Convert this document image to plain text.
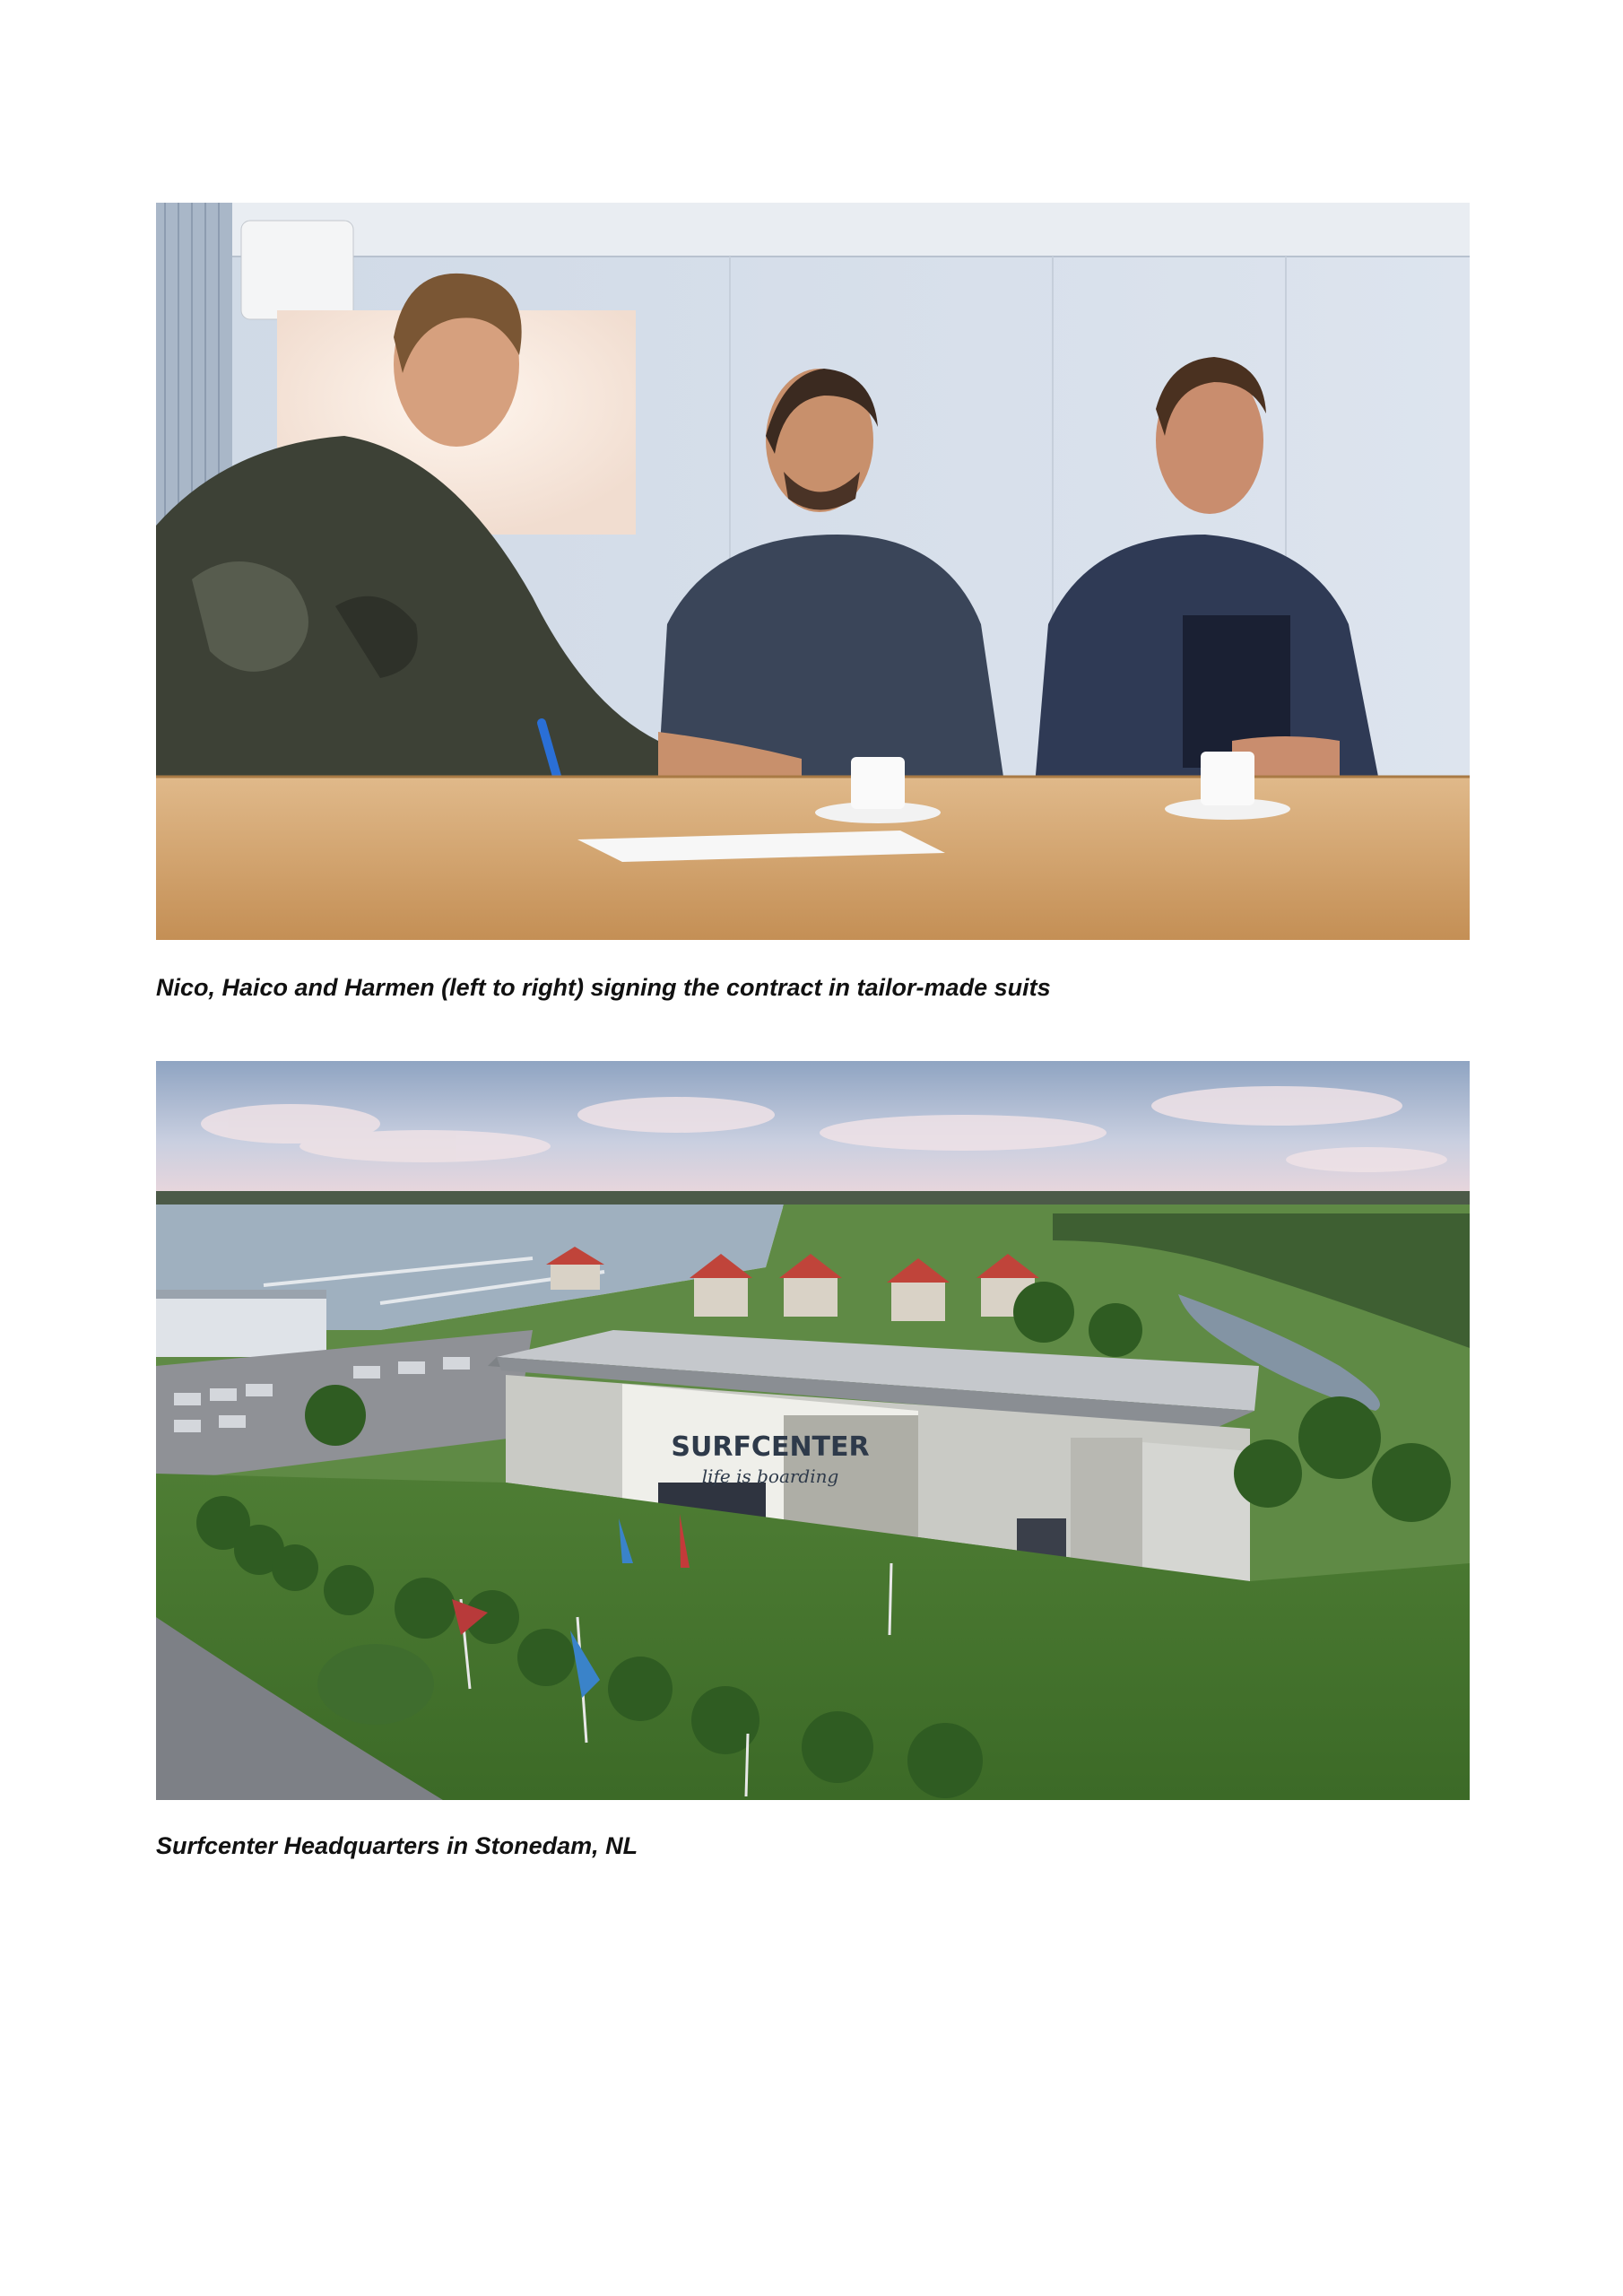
Nico, Haico and Harmen (left to right) signing the contract in tailor-made suits
SURFCENTER
life is boarding
Surfcenter Headquarters in Stonedam, NL
